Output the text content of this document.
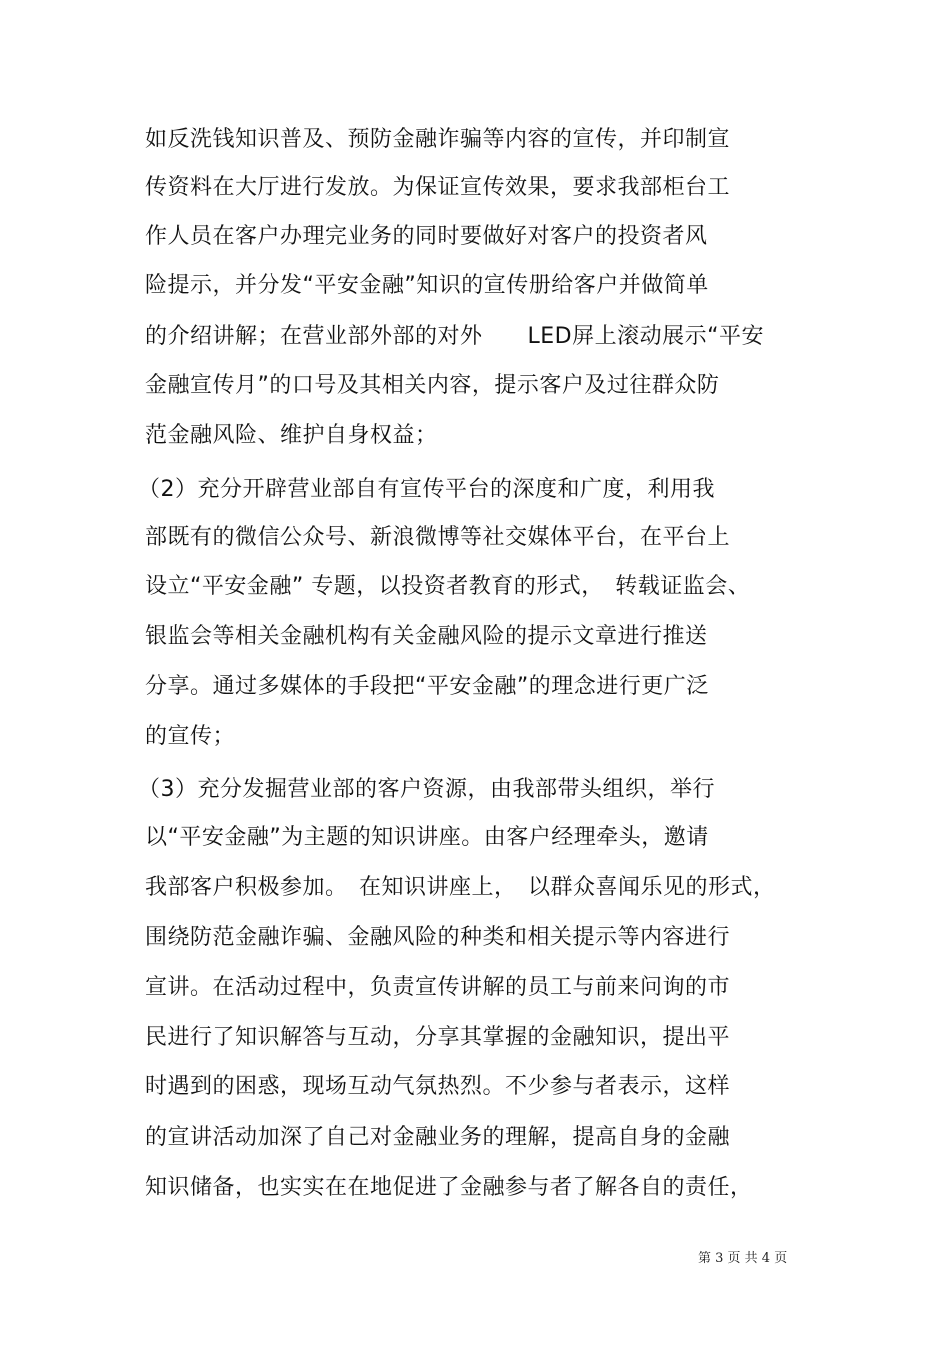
如反洗钱知识普及、预防金融诈骗等内容的宣传，并印制宣
传资料在大厅进行发放。为保证宣传效果，要求我部柜台工
作人员在客户办理完业务的同时要做好对客户的投资者风
险提示，并分发“平安金融”知识的宣传册给客户并做简单
的介绍讲解；在营业部外部的对外　　LED屏上滚动展示“平安
金融宣传月”的口号及其相关内容，提示客户及过往群众防
范金融风险、维护自身权益；
（2）充分开辟营业部自有宣传平台的深度和广度，利用我
部既有的微信公众号、新浪微博等社交媒体平台，在平台上
设立“平安金融” 专题，以投资者教育的形式，　转载证监会、
银监会等相关金融机构有关金融风险的提示文章进行推送
分享。通过多媒体的手段把“平安金融”的理念进行更广泛
的宣传；
（3）充分发掘营业部的客户资源，由我部带头组织，举行
以“平安金融”为主题的知识讲座。由客户经理牵头，邀请
我部客户积极参加。　在知识讲座上，　以群众喜闻乐见的形式，
围绕防范金融诈骗、金融风险的种类和相关提示等内容进行
宣讲。在活动过程中，负责宣传讲解的员工与前来问询的市
民进行了知识解答与互动，分享其掌握的金融知识，提出平
时遇到的困惑，现场互动气氛热烈。不少参与者表示，这样
的宣讲活动加深了自己对金融业务的理解，提高自身的金融
知识储备，也实实在在地促进了金融参与者了解各自的责任，
第 3 页 共 4 页
